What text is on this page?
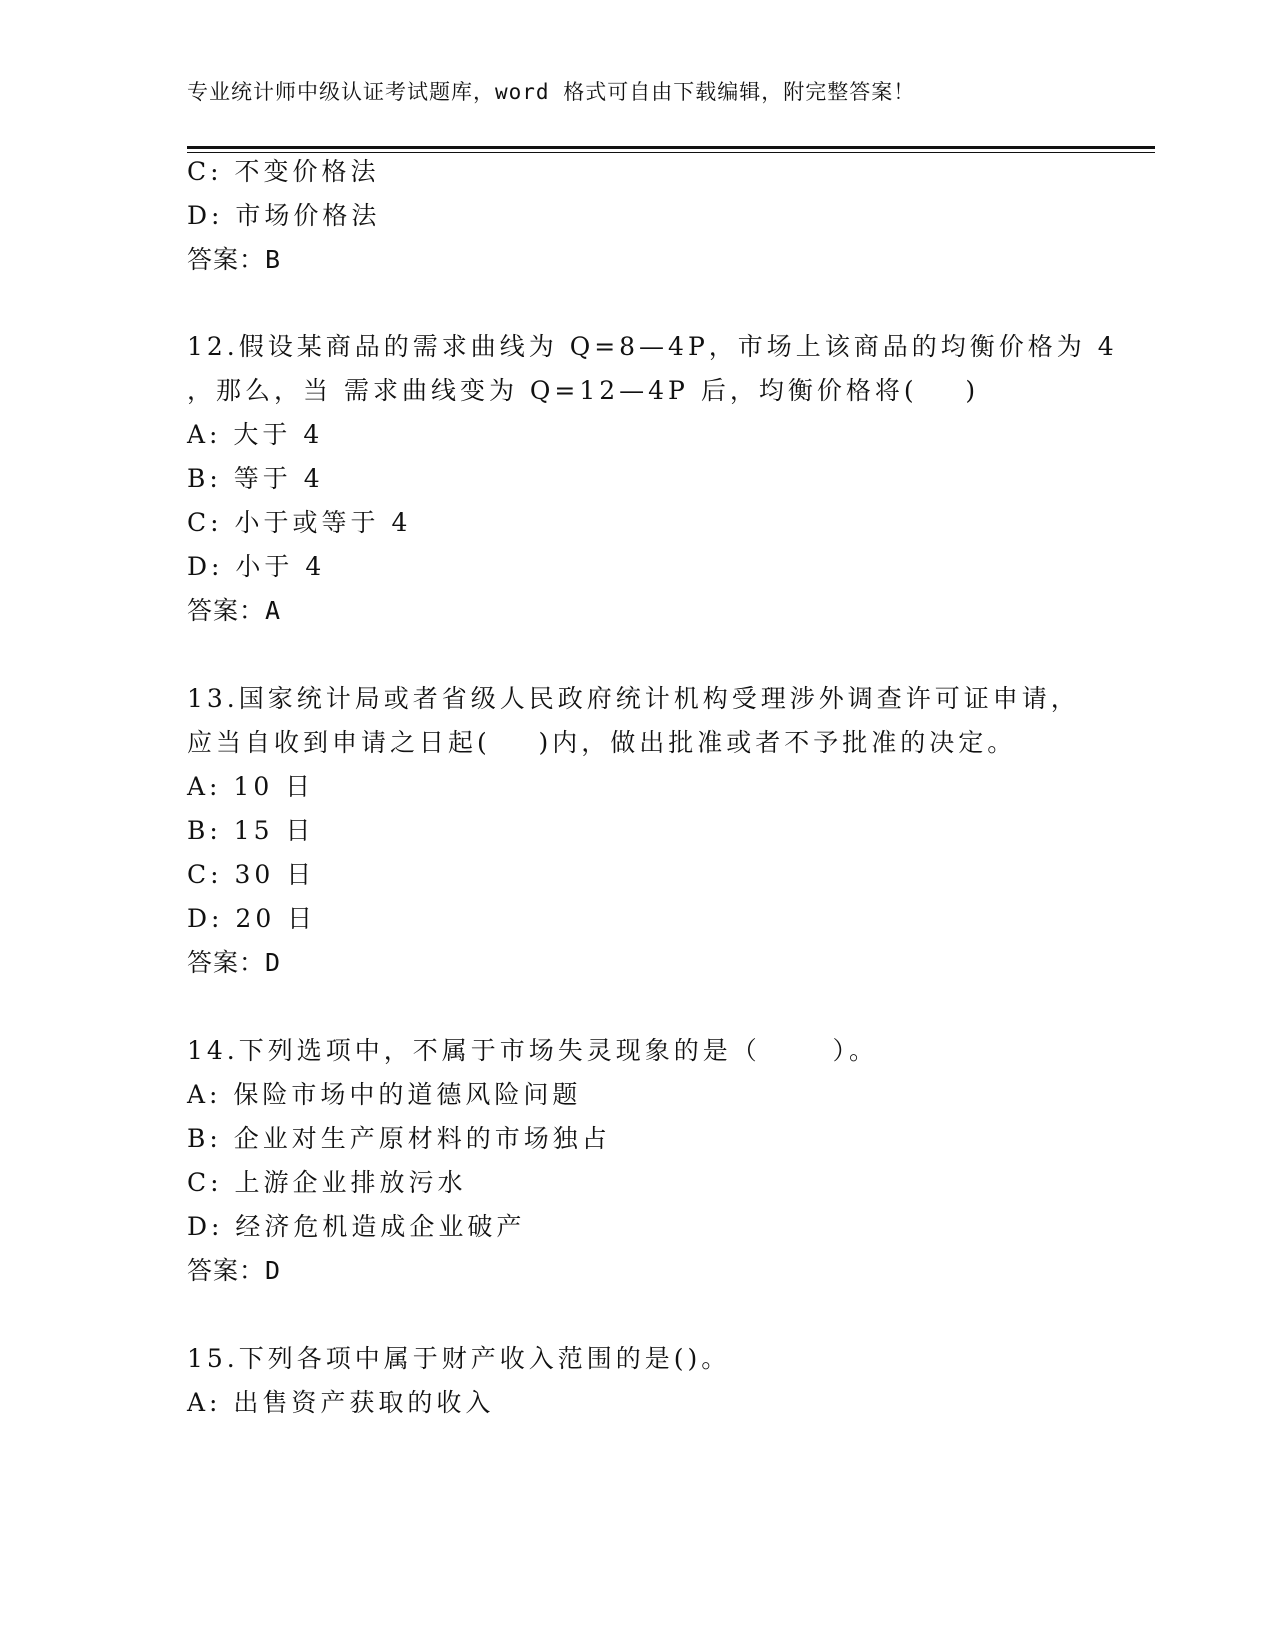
专业统计师中级认证考试题库，word 格式可自由下载编辑，附完整答案！
C: 不变价格法
D: 市场价格法
答案：B
12.假设某商品的需求曲线为 Q=8—4P，市场上该商品的均衡价格为 4
，那么，当 需求曲线变为 Q=12—4P 后，均衡价格将(    )
A: 大于 4
B: 等于 4
C: 小于或等于 4
D: 小于 4
答案：A
13.国家统计局或者省级人民政府统计机构受理涉外调查许可证申请，
应当自收到申请之日起(    )内，做出批准或者不予批准的决定。
A: 10 日
B: 15 日
C: 30 日
D: 20 日
答案：D
14.下列选项中，不属于市场失灵现象的是（      ）。
A: 保险市场中的道德风险问题
B: 企业对生产原材料的市场独占
C: 上游企业排放污水
D: 经济危机造成企业破产
答案：D
15.下列各项中属于财产收入范围的是()。
A: 出售资产获取的收入
